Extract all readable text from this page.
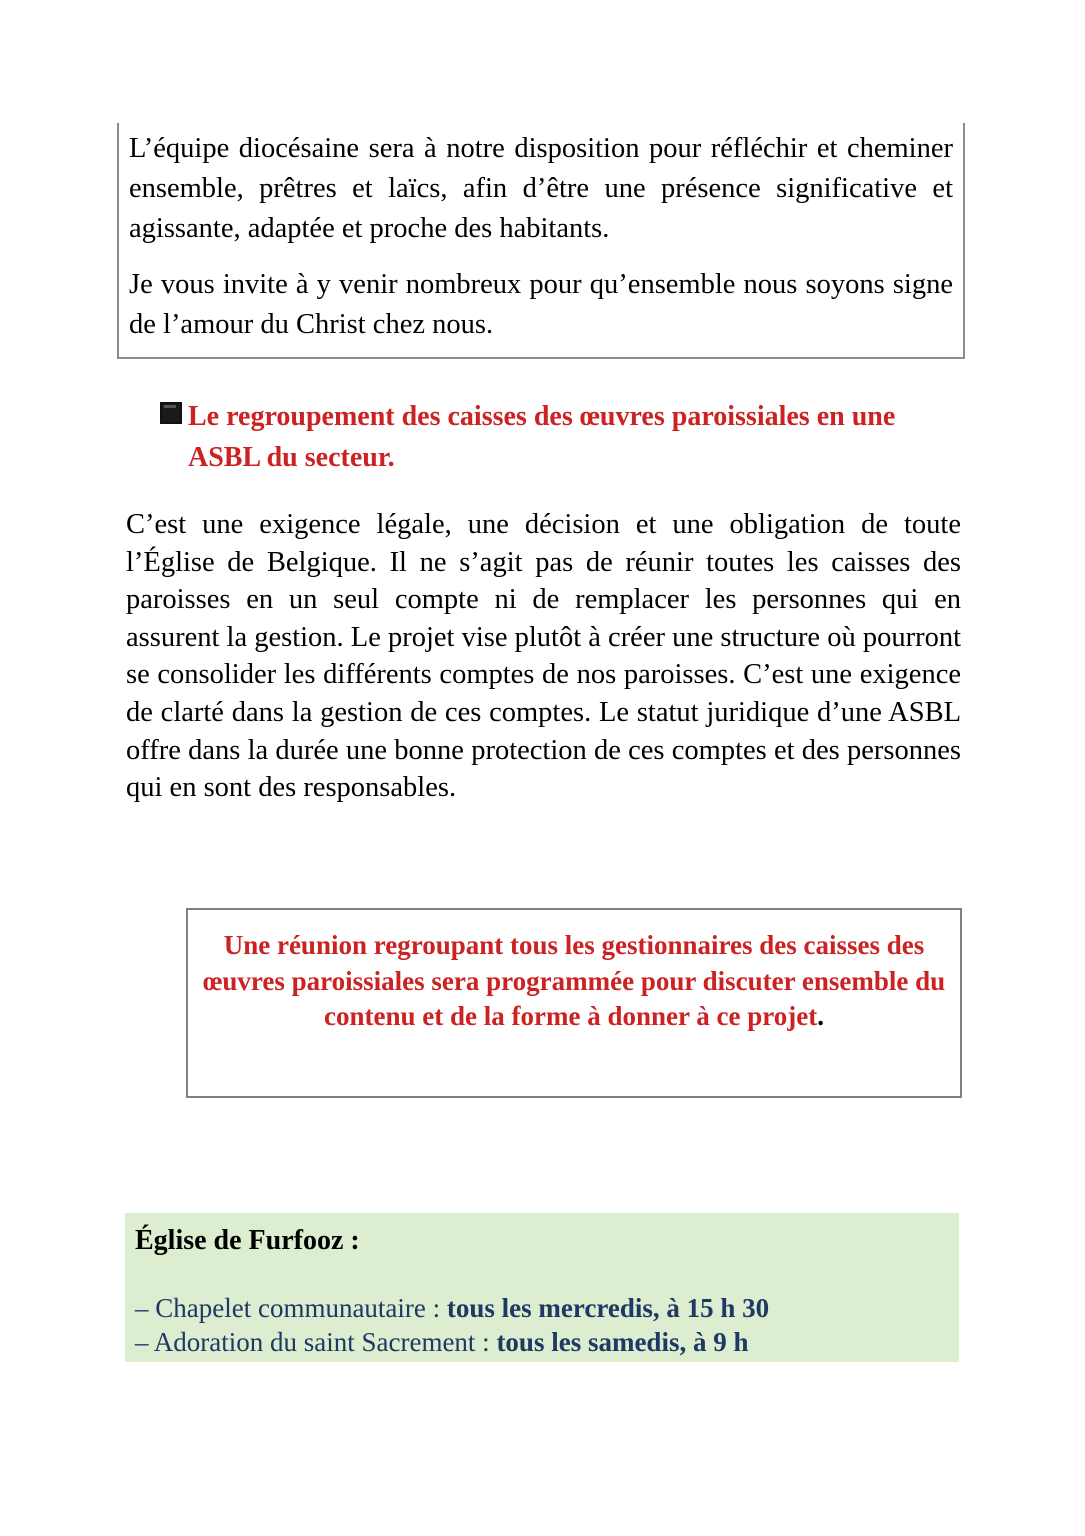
L’équipe diocésaine sera à notre disposition pour réfléchir et cheminer ensemble, prêtres et laïcs, afin d’être une présence significative et agissante, adaptée et proche des habitants.

Je vous invite à y venir nombreux pour qu’ensemble nous soyons signe de l’amour du Christ chez nous.

Le regroupement des caisses des œuvres paroissiales en une ASBL du secteur.

C’est une exigence légale, une décision et une obligation de toute l’Église de Belgique. Il ne s’agit pas de réunir toutes les caisses des paroisses en un seul compte ni de remplacer les personnes qui en assurent la gestion. Le projet vise plutôt à créer une structure où pourront se consolider les différents comptes de nos paroisses. C’est une exigence de clarté dans la gestion de ces comptes. Le statut juridique d’une ASBL offre dans la durée une bonne protection de ces comptes et des personnes qui en sont des responsables.

Une réunion regroupant tous les gestionnaires des caisses des œuvres paroissiales sera programmée pour discuter ensemble du contenu et de la forme à donner à ce projet.

Église de Furfooz :

– Chapelet communautaire : tous les mercredis, à 15 h 30
– Adoration du saint Sacrement : tous les samedis, à 9 h
